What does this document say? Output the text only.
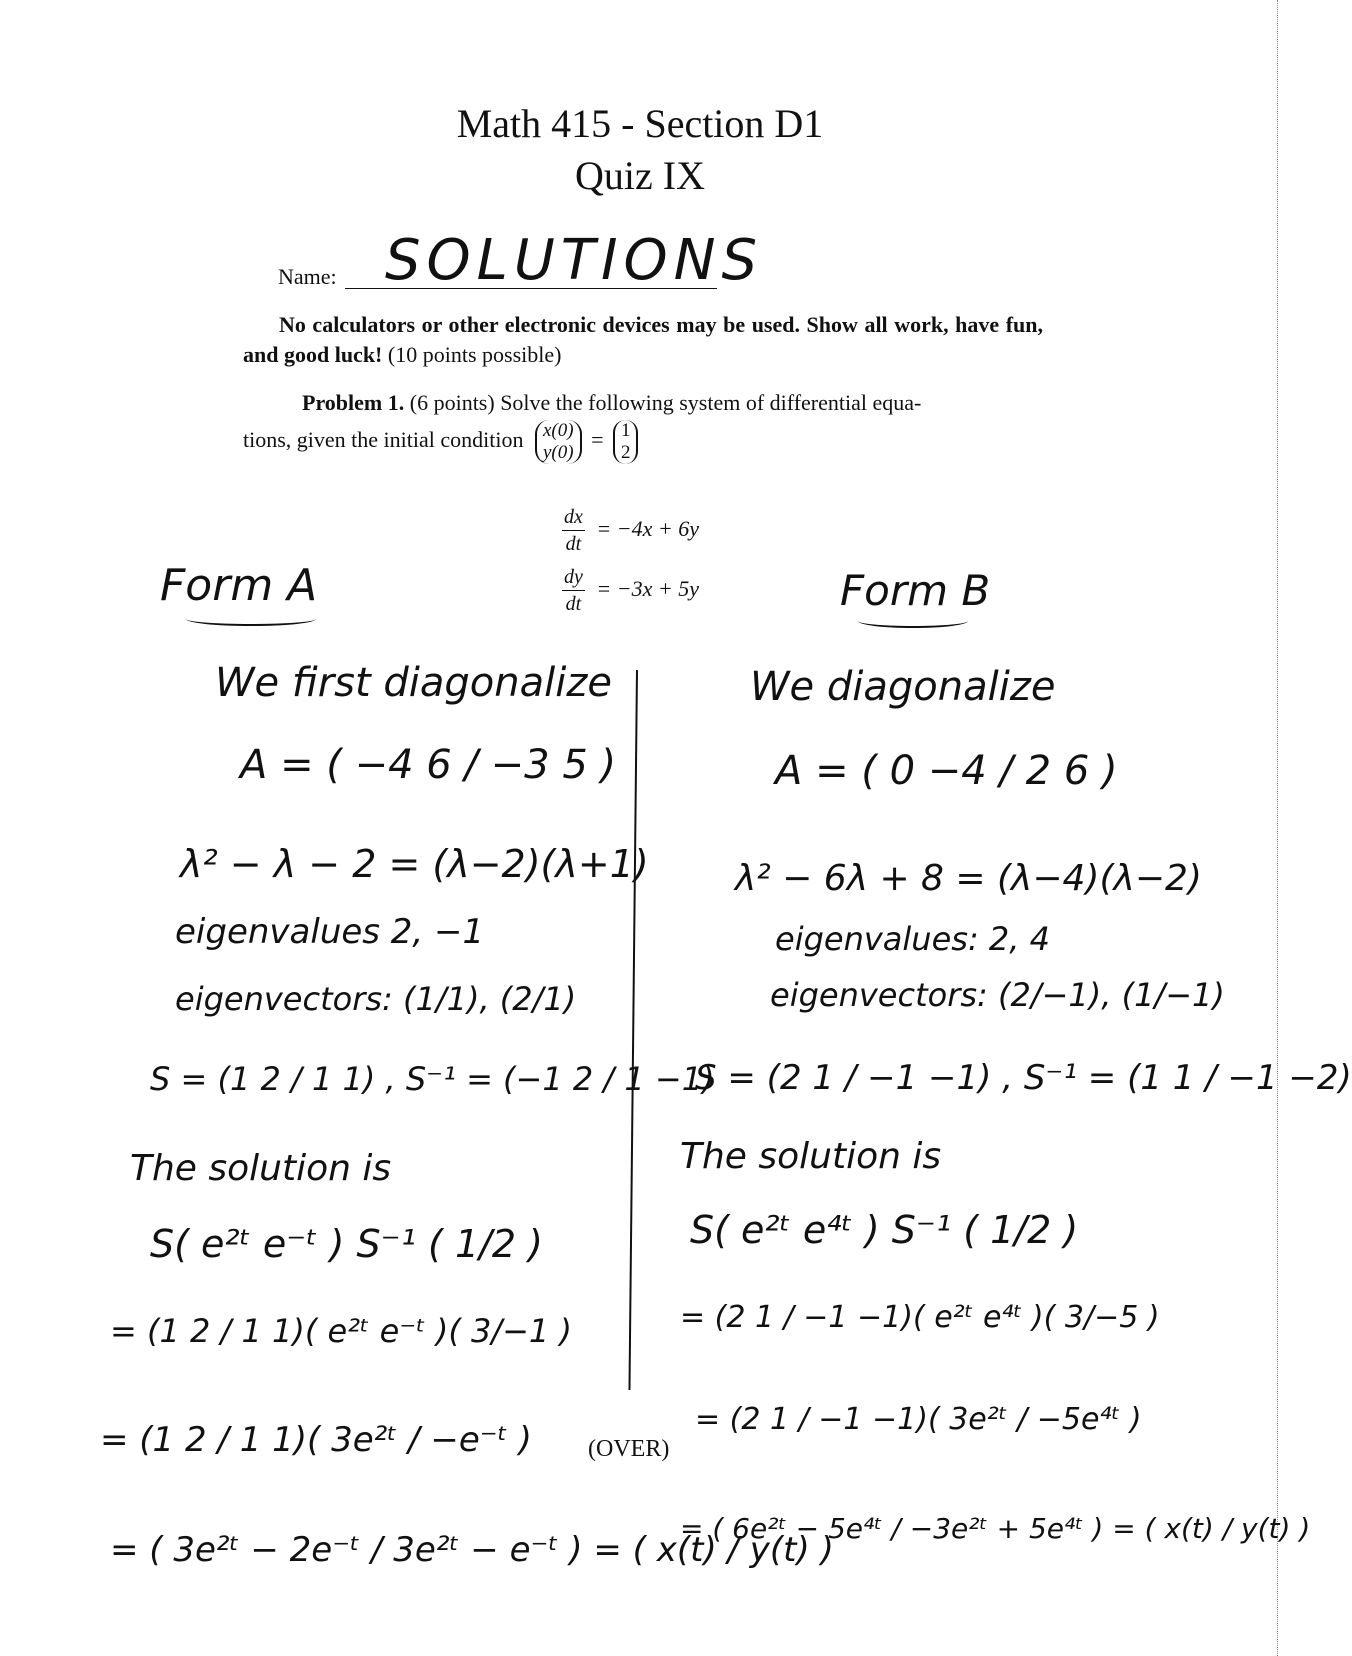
Math 415 - Section D1
Quiz IX
Name: SOLUTIONS
No calculators or other electronic devices may be used. Show all work, have fun, and good luck! (10 points possible)
Problem 1. (6 points) Solve the following system of differential equa-
tions, given the initial condition x(0)
y(0)
= 1
2
$\frac{dx}{dt} = -4x + 6y$
$\frac{dy}{dt} = -3x + 5y$
(OVER)
Form A
We first diagonalize
A = ( −4 6 / −3 5 )
λ² − λ − 2 = (λ−2)(λ+1)
eigenvalues 2, −1
eigenvectors: (1/1), (2/1)
S = (1 2 / 1 1) , S⁻¹ = (−1 2 / 1 −1)
The solution is
S( e²ᵗ e⁻ᵗ ) S⁻¹ ( 1/2 )
= (1 2 / 1 1)( e²ᵗ e⁻ᵗ )( 3/−1 )
= (1 2 / 1 1)( 3e²ᵗ / −e⁻ᵗ )
= ( 3e²ᵗ − 2e⁻ᵗ / 3e²ᵗ − e⁻ᵗ ) = ( x(t) / y(t) )
Form B
We diagonalize
A = ( 0 −4 / 2 6 )
λ² − 6λ + 8 = (λ−4)(λ−2)
eigenvalues: 2, 4
eigenvectors: (2/−1), (1/−1)
S = (2 1 / −1 −1) , S⁻¹ = (1 1 / −1 −2)
The solution is
S( e²ᵗ e⁴ᵗ ) S⁻¹ ( 1/2 )
= (2 1 / −1 −1)( e²ᵗ e⁴ᵗ )( 3/−5 )
= (2 1 / −1 −1)( 3e²ᵗ / −5e⁴ᵗ )
= ( 6e²ᵗ − 5e⁴ᵗ / −3e²ᵗ + 5e⁴ᵗ ) = ( x(t) / y(t) )
